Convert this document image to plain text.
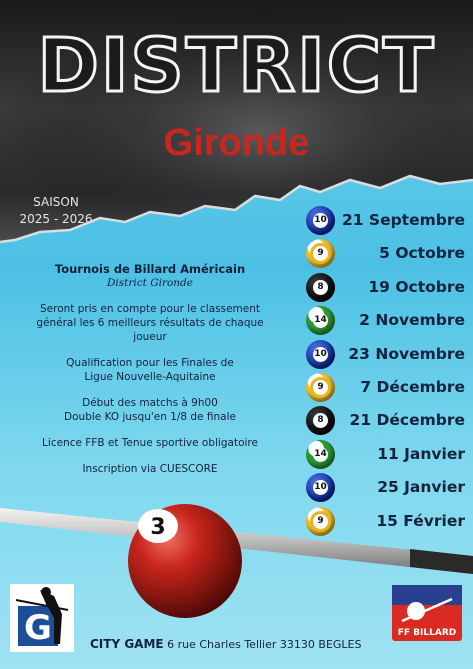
DISTRICT
Gironde
SAISON
2025 - 2026
Tournois de Billard Américain
District Gironde

Seront pris en compte pour le classement
général les 6 meilleurs résultats de chaque
joueur

Qualification pour les Finales de
Ligue Nouvelle-Aquitaine

Début des matchs à 9h00
Double KO jusqu'en 1/8 de finale

Licence FFB et Tenue sportive obligatoire

Inscription via CUESCORE

10 21 Septembre
9	5 Octobre
8	19 Octobre
14 2 Novembre
10 23 Novembre
9 7 Décembre
8 21 Décembre
14	11 Janvier
10	25 Janvier
9	15 Février
3
G	FF BILLARD
CITY GAME 6 rue Charles Tellier 33130 BEGLES
